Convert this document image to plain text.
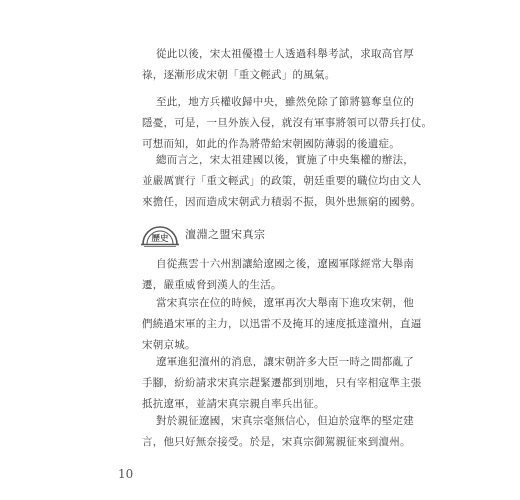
從此以後，宋太祖優禮士人透過科舉考試，求取高官厚
祿，逐漸形成宋朝「重文輕武」的風氣。

至此，地方兵權收歸中央，雖然免除了節將篡奪皇位的
隱憂，可是，一旦外族入侵，就沒有軍事將領可以帶兵打仗。
可想而知，如此的作為將帶給宋朝國防薄弱的後遺症。

總而言之，宋太祖建國以後，實施了中央集權的辦法，
並嚴厲實行「重文輕武」的政策，朝廷重要的職位均由文人
來擔任，因而造成宋朝武力積弱不振，與外患無窮的國勢。

歷史 澶淵之盟宋真宗

自從燕雲十六州割讓給遼國之後，遼國軍隊經常大舉南
遷，嚴重威脅到漢人的生活。

當宋真宗在位的時候，遼軍再次大舉南下進攻宋朝，他
們繞過宋軍的主力，以迅雷不及掩耳的速度抵達澶州，直逼
宋朝京城。

遼軍進犯澶州的消息，讓宋朝許多大臣一時之間都亂了
手腳，紛紛請求宋真宗趕緊遷都到別地，只有宰相寇準主張
抵抗遼軍，並請宋真宗親自率兵出征。

對於親征遼國，宋真宗毫無信心，但迫於寇準的堅定建
言，他只好無奈接受。於是，宋真宗御駕親征來到澶州。

10
